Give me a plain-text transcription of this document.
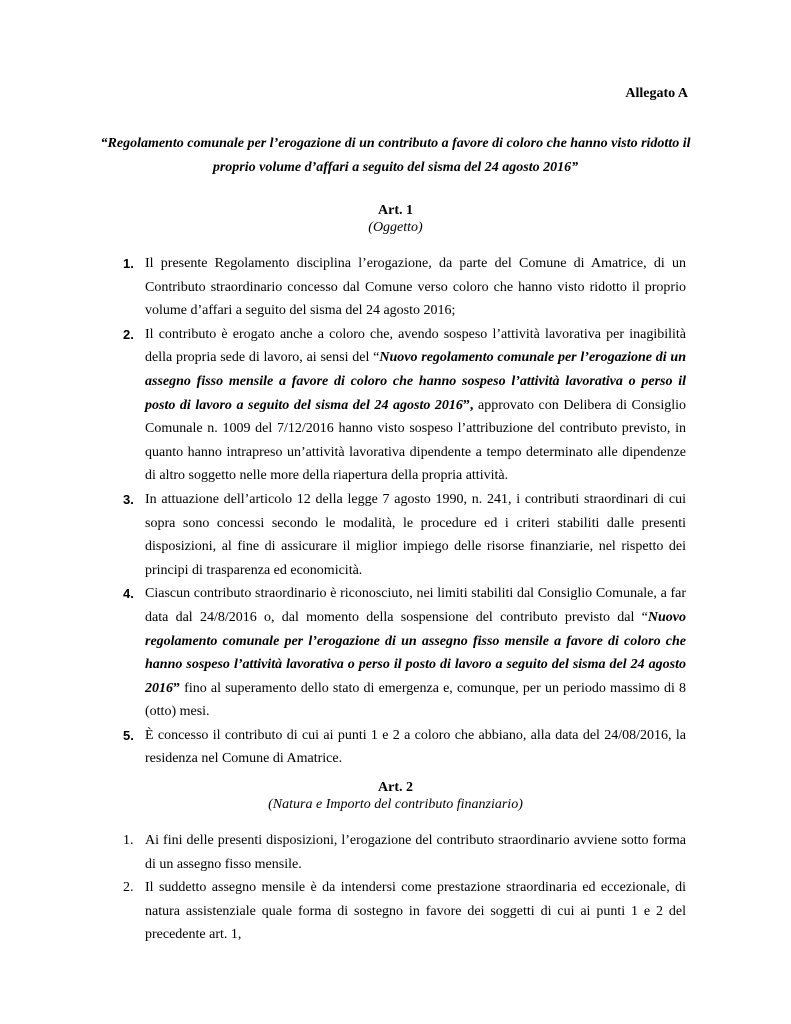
Allegato A
“Regolamento comunale per l’erogazione di un contributo a favore di coloro che hanno visto ridotto il proprio volume d’affari a seguito del sisma del 24 agosto 2016”
Art. 1
(Oggetto)
1. Il presente Regolamento disciplina l’erogazione, da parte del Comune di Amatrice, di un Contributo straordinario concesso dal Comune verso coloro che hanno visto ridotto il proprio volume d’affari a seguito del sisma del 24 agosto 2016;
2. Il contributo è erogato anche a coloro che, avendo sospeso l’attività lavorativa per inagibilità della propria sede di lavoro, ai sensi del “Nuovo regolamento comunale per l’erogazione di un assegno fisso mensile a favore di coloro che hanno sospeso l’attività lavorativa o perso il posto di lavoro a seguito del sisma del 24 agosto 2016”, approvato con Delibera di Consiglio Comunale n. 1009 del 7/12/2016 hanno visto sospeso l’attribuzione del contributo previsto, in quanto hanno intrapreso un’attività lavorativa dipendente a tempo determinato alle dipendenze di altro soggetto nelle more della riapertura della propria attività.
3. In attuazione dell’articolo 12 della legge 7 agosto 1990, n. 241, i contributi straordinari di cui sopra sono concessi secondo le modalità, le procedure ed i criteri stabiliti dalle presenti disposizioni, al fine di assicurare il miglior impiego delle risorse finanziarie, nel rispetto dei principi di trasparenza ed economicità.
4. Ciascun contributo straordinario è riconosciuto, nei limiti stabiliti dal Consiglio Comunale, a far data dal 24/8/2016 o, dal momento della sospensione del contributo previsto dal “Nuovo regolamento comunale per l’erogazione di un assegno fisso mensile a favore di coloro che hanno sospeso l’attività lavorativa o perso il posto di lavoro a seguito del sisma del 24 agosto 2016” fino al superamento dello stato di emergenza e, comunque, per un periodo massimo di 8 (otto) mesi.
5. È concesso il contributo di cui ai punti 1 e 2 a coloro che abbiano, alla data del 24/08/2016, la residenza nel Comune di Amatrice.
Art. 2
(Natura e Importo del contributo finanziario)
1. Ai fini delle presenti disposizioni, l’erogazione del contributo straordinario avviene sotto forma di un assegno fisso mensile.
2. Il suddetto assegno mensile è da intendersi come prestazione straordinaria ed eccezionale, di natura assistenziale quale forma di sostegno in favore dei soggetti di cui ai punti 1 e 2 del precedente art. 1,
